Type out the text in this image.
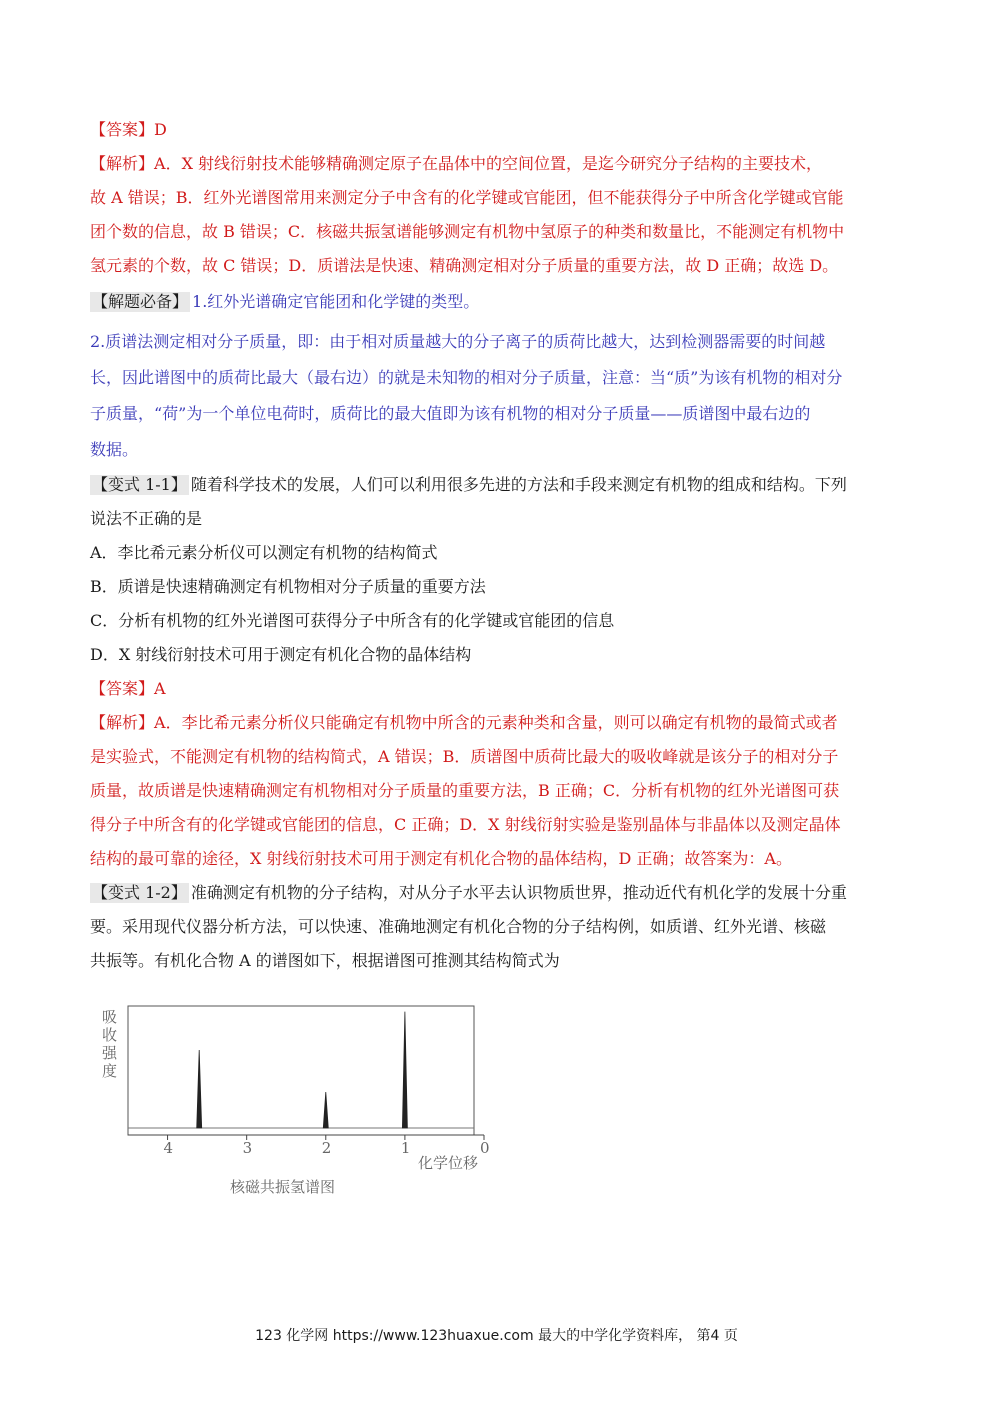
【答案】D
【解析】A．X 射线衍射技术能够精确测定原子在晶体中的空间位置，是迄今研究分子结构的主要技术，
故 A 错误；B．红外光谱图常用来测定分子中含有的化学键或官能团，但不能获得分子中所含化学键或官能
团个数的信息，故 B 错误；C．核磁共振氢谱能够测定有机物中氢原子的种类和数量比，不能测定有机物中
氢元素的个数，故 C 错误；D．质谱法是快速、精确测定相对分子质量的重要方法，故 D 正确；故选 D。
【解题必备】 1.红外光谱确定官能团和化学键的类型。
2.质谱法测定相对分子质量，即：由于相对质量越大的分子离子的质荷比越大，达到检测器需要的时间越
长，因此谱图中的质荷比最大（最右边）的就是未知物的相对分子质量，注意：当“质”为该有机物的相对分
子质量，“荷”为一个单位电荷时，质荷比的最大值即为该有机物的相对分子质量——质谱图中最右边的
数据。
【变式 1-1】 随着科学技术的发展，人们可以利用很多先进的方法和手段来测定有机物的组成和结构。下列
说法不正确的是
A．李比希元素分析仪可以测定有机物的结构简式
B．质谱是快速精确测定有机物相对分子质量的重要方法
C．分析有机物的红外光谱图可获得分子中所含有的化学键或官能团的信息
D．X 射线衍射技术可用于测定有机化合物的晶体结构
【答案】A
【解析】A．李比希元素分析仪只能确定有机物中所含的元素种类和含量，则可以确定有机物的最简式或者
是实验式，不能测定有机物的结构简式，A 错误；B．质谱图中质荷比最大的吸收峰就是该分子的相对分子
质量，故质谱是快速精确测定有机物相对分子质量的重要方法，B 正确；C．分析有机物的红外光谱图可获
得分子中所含有的化学键或官能团的信息，C 正确；D．X 射线衍射实验是鉴别晶体与非晶体以及测定晶体
结构的最可靠的途径，X 射线衍射技术可用于测定有机化合物的晶体结构，D 正确；故答案为：A。
【变式 1-2】 准确测定有机物的分子结构，对从分子水平去认识物质世界，推动近代有机化学的发展十分重
要。采用现代仪器分析方法，可以快速、准确地测定有机化合物的分子结构例，如质谱、红外光谱、核磁
共振等。有机化合物 A 的谱图如下，根据谱图可推测其结构简式为
吸
收
强
度
4	3	2	1	0
化学位移
核磁共振氢谱图
123 化学网 https://www.123huaxue.com 最大的中学化学资料库， 第4 页
